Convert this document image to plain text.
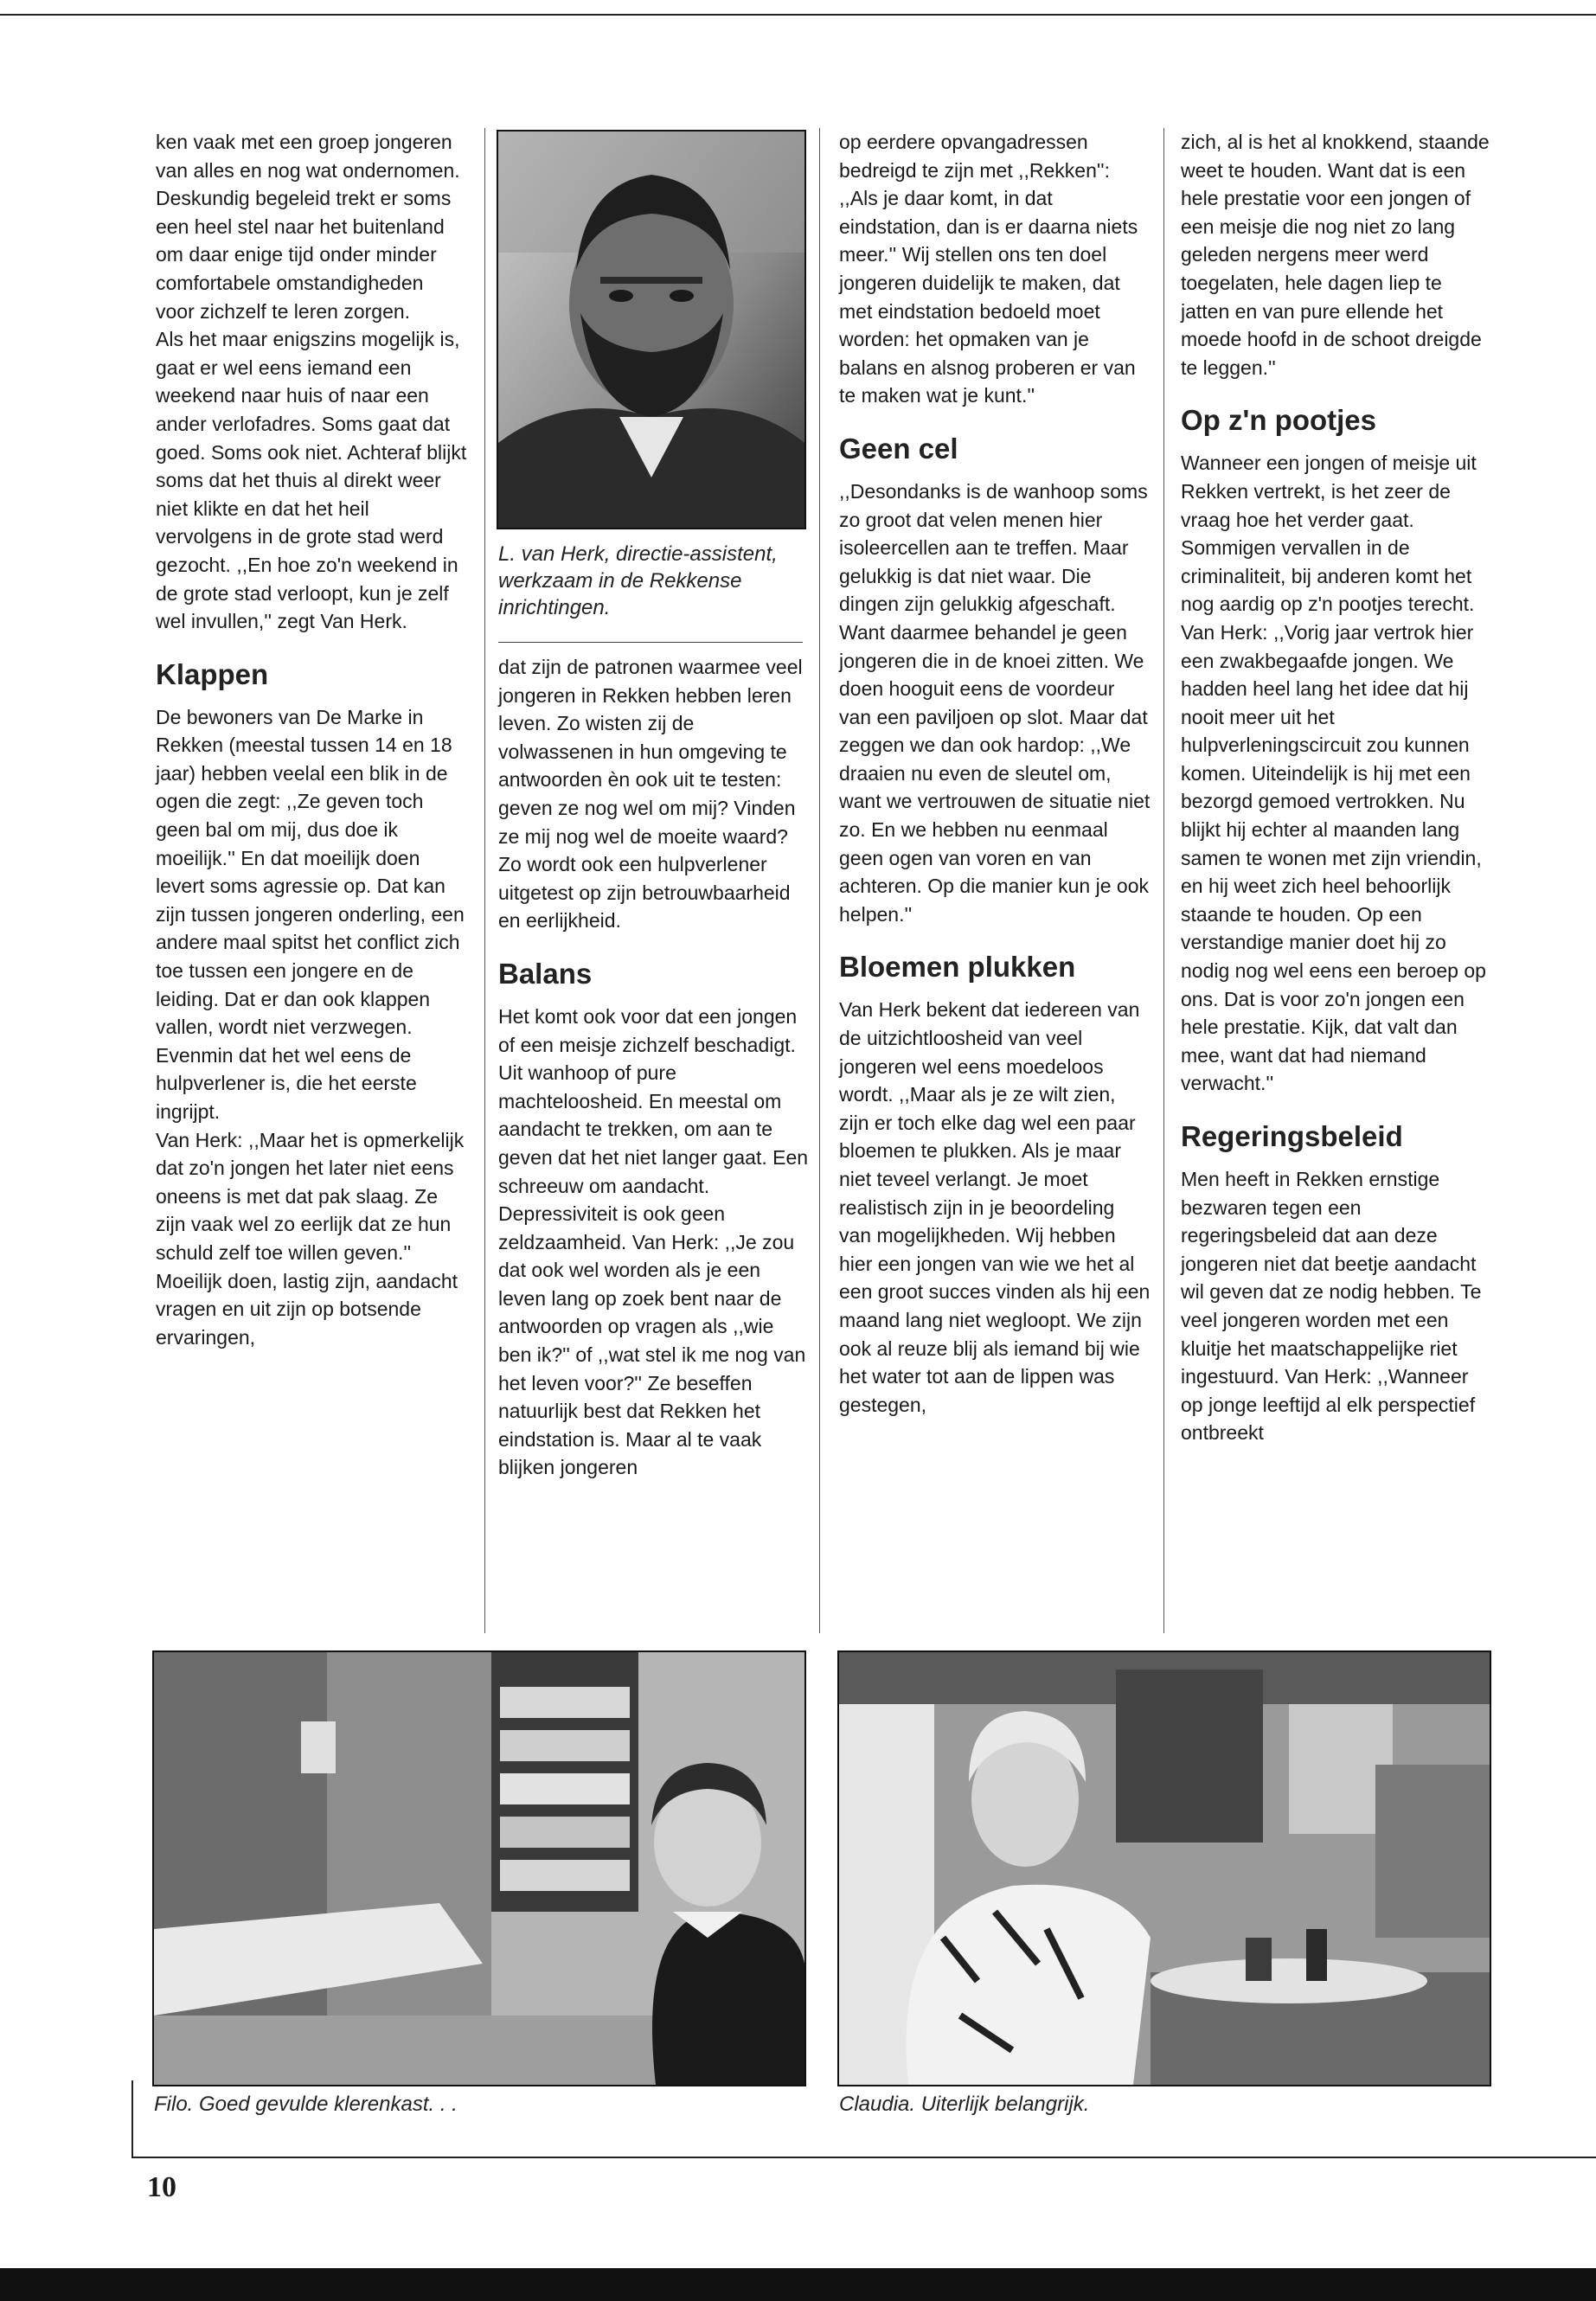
ken vaak met een groep jongeren van alles en nog wat ondernomen. Deskundig begeleid trekt er soms een heel stel naar het buitenland om daar enige tijd onder minder comfortabele omstandigheden voor zichzelf te leren zorgen.

Als het maar enigszins mogelijk is, gaat er wel eens iemand een weekend naar huis of naar een ander verlofadres. Soms gaat dat goed. Soms ook niet. Achteraf blijkt soms dat het thuis al direkt weer niet klikte en dat het heil vervolgens in de grote stad werd gezocht. ,,En hoe zo'n weekend in de grote stad verloopt, kun je zelf wel invullen,'' zegt Van Herk.

Klappen

De bewoners van De Marke in Rekken (meestal tussen 14 en 18 jaar) hebben veelal een blik in de ogen die zegt: ,,Ze geven toch geen bal om mij, dus doe ik moeilijk.'' En dat moeilijk doen levert soms agressie op. Dat kan zijn tussen jongeren onderling, een andere maal spitst het conflict zich toe tussen een jongere en de leiding. Dat er dan ook klappen vallen, wordt niet verzwegen. Evenmin dat het wel eens de hulpverlener is, die het eerste ingrijpt.

Van Herk: ,,Maar het is opmerkelijk dat zo'n jongen het later niet eens oneens is met dat pak slaag. Ze zijn vaak wel zo eerlijk dat ze hun schuld zelf toe willen geven.''

Moeilijk doen, lastig zijn, aandacht vragen en uit zijn op botsende ervaringen,

L. van Herk, directie-assistent, werkzaam in de Rekkense inrichtingen.

dat zijn de patronen waarmee veel jongeren in Rekken hebben leren leven. Zo wisten zij de volwassenen in hun omgeving te antwoorden èn ook uit te testen: geven ze nog wel om mij? Vinden ze mij nog wel de moeite waard? Zo wordt ook een hulpverlener uitgetest op zijn betrouwbaarheid en eerlijkheid.

Balans

Het komt ook voor dat een jongen of een meisje zichzelf beschadigt. Uit wanhoop of pure machteloosheid. En meestal om aandacht te trekken, om aan te geven dat het niet langer gaat. Een schreeuw om aandacht.

Depressiviteit is ook geen zeldzaamheid. Van Herk: ,,Je zou dat ook wel worden als je een leven lang op zoek bent naar de antwoorden op vragen als ,,wie ben ik?'' of ,,wat stel ik me nog van het leven voor?'' Ze beseffen natuurlijk best dat Rekken het eindstation is. Maar al te vaak blijken jongeren

op eerdere opvangadressen bedreigd te zijn met ,,Rekken'': ,,Als je daar komt, in dat eindstation, dan is er daarna niets meer.'' Wij stellen ons ten doel jongeren duidelijk te maken, dat met eindstation bedoeld moet worden: het opmaken van je balans en alsnog proberen er van te maken wat je kunt.''

Geen cel

,,Desondanks is de wanhoop soms zo groot dat velen menen hier isoleercellen aan te treffen. Maar gelukkig is dat niet waar. Die dingen zijn gelukkig afgeschaft. Want daarmee behandel je geen jongeren die in de knoei zitten. We doen hooguit eens de voordeur van een paviljoen op slot. Maar dat zeggen we dan ook hardop: ,,We draaien nu even de sleutel om, want we vertrouwen de situatie niet zo. En we hebben nu eenmaal geen ogen van voren en van achteren. Op die manier kun je ook helpen.''

Bloemen plukken

Van Herk bekent dat iedereen van de uitzichtloosheid van veel jongeren wel eens moedeloos wordt. ,,Maar als je ze wilt zien, zijn er toch elke dag wel een paar bloemen te plukken. Als je maar niet teveel verlangt. Je moet realistisch zijn in je beoordeling van mogelijkheden. Wij hebben hier een jongen van wie we het al een groot succes vinden als hij een maand lang niet wegloopt. We zijn ook al reuze blij als iemand bij wie het water tot aan de lippen was gestegen,

zich, al is het al knokkend, staande weet te houden. Want dat is een hele prestatie voor een jongen of een meisje die nog niet zo lang geleden nergens meer werd toegelaten, hele dagen liep te jatten en van pure ellende het moede hoofd in de schoot dreigde te leggen.''

Op z'n pootjes

Wanneer een jongen of meisje uit Rekken vertrekt, is het zeer de vraag hoe het verder gaat. Sommigen vervallen in de criminaliteit, bij anderen komt het nog aardig op z'n pootjes terecht. Van Herk: ,,Vorig jaar vertrok hier een zwakbegaafde jongen. We hadden heel lang het idee dat hij nooit meer uit het hulpverleningscircuit zou kunnen komen. Uiteindelijk is hij met een bezorgd gemoed vertrokken. Nu blijkt hij echter al maanden lang samen te wonen met zijn vriendin, en hij weet zich heel behoorlijk staande te houden. Op een verstandige manier doet hij zo nodig nog wel eens een beroep op ons. Dat is voor zo'n jongen een hele prestatie. Kijk, dat valt dan mee, want dat had niemand verwacht.''

Regeringsbeleid

Men heeft in Rekken ernstige bezwaren tegen een regeringsbeleid dat aan deze jongeren niet dat beetje aandacht wil geven dat ze nodig hebben. Te veel jongeren worden met een kluitje het maatschappelijke riet ingestuurd. Van Herk: ,,Wanneer op jonge leeftijd al elk perspectief ontbreekt

Filo. Goed gevulde klerenkast. . .	Claudia. Uiterlijk belangrijk.
10
